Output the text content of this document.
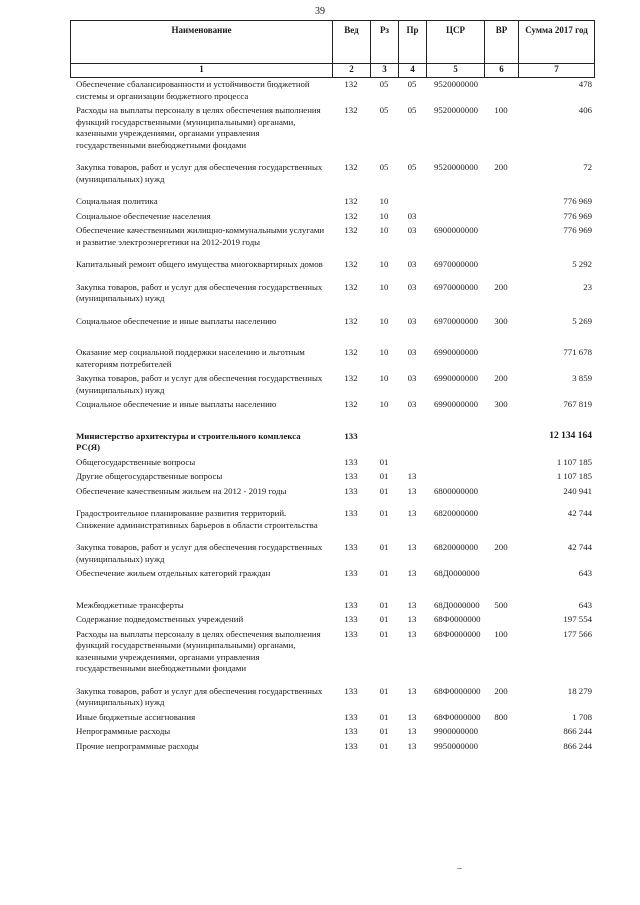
39
Наименование	Вед	Рз	Пр	ЦСР	ВР	Сумма 2017 год
1	2	3	4	5	6	7
Обеспечение сбалансированности и устойчивости бюджетной системы и организации бюджетного процесса	132	05	05	9520000000		478
Расходы на выплаты персоналу в целях обеспечения выполнения функций государственными (муниципальными) органами, казенными учреждениями, органами управления государственными внебюджетными фондами	132	05	05	9520000000	100	406
Закупка товаров, работ и услуг для обеспечения государственных (муниципальных) нужд	132	05	05	9520000000	200	72
Социальная политика	132	10				776 969
Социальное обеспечение населения	132	10	03			776 969
Обеспечение качественными жилищно-коммунальными услугами и развитие электроэнергетики на 2012-2019 годы	132	10	03	6900000000		776 969
Капитальный ремонт общего имущества многоквартирных домов	132	10	03	6970000000		5 292
Закупка товаров, работ и услуг для обеспечения государственных (муниципальных) нужд	132	10	03	6970000000	200	23
Социальное обеспечение и иные выплаты населению	132	10	03	6970000000	300	5 269
Оказание мер социальной поддержки населению и льготным категориям потребителей	132	10	03	6990000000		771 678
Закупка товаров, работ и услуг для обеспечения государственных (муниципальных) нужд	132	10	03	6990000000	200	3 859
Социальное обеспечение и иные выплаты населению	132	10	03	6990000000	300	767 819
Министерство архитектуры и строительного комплекса РС(Я)	133					12 134 164
Общегосударственные вопросы	133	01				1 107 185
Другие общегосударственные вопросы	133	01	13			1 107 185
Обеспечение качественным жильем на 2012 - 2019 годы	133	01	13	6800000000		240 941
Градостроительное планирование развития территорий. Снижение административных барьеров в области строительства	133	01	13	6820000000		42 744
Закупка товаров, работ и услуг для обеспечения государственных (муниципальных) нужд	133	01	13	6820000000	200	42 744
Обеспечение жильем отдельных категорий граждан	133	01	13	68Д0000000		643
Межбюджетные трансферты	133	01	13	68Д0000000	500	643
Содержание подведомственных учреждений	133	01	13	68Ф0000000		197 554
Расходы на выплаты персоналу в целях обеспечения выполнения функций государственными (муниципальными) органами, казенными учреждениями, органами управления государственными внебюджетными фондами	133	01	13	68Ф0000000	100	177 566
Закупка товаров, работ и услуг для обеспечения государственных (муниципальных) нужд	133	01	13	68Ф0000000	200	18 279
Иные бюджетные ассигнования	133	01	13	68Ф0000000	800	1 708
Непрограммные расходы	133	01	13	9900000000		866 244
Прочие непрограммные расходы	133	01	13	9950000000		866 244
